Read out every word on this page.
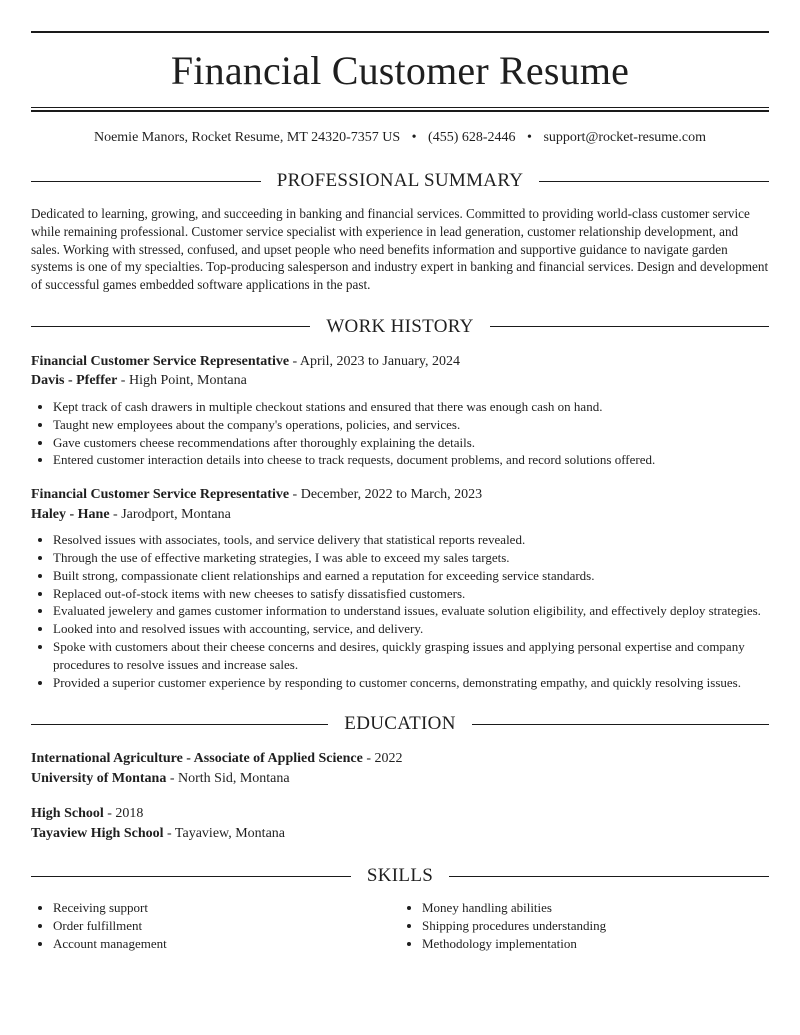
Financial Customer Resume
Noemie Manors, Rocket Resume, MT 24320-7357 US • (455) 628-2446 • support@rocket-resume.com
PROFESSIONAL SUMMARY
Dedicated to learning, growing, and succeeding in banking and financial services. Committed to providing world-class customer service while remaining professional. Customer service specialist with experience in lead generation, customer relationship development, and sales. Working with stressed, confused, and upset people who need benefits information and supportive guidance to navigate garden systems is one of my specialties. Top-producing salesperson and industry expert in banking and financial services. Design and development of successful games embedded software applications in the past.
WORK HISTORY
Financial Customer Service Representative - April, 2023 to January, 2024
Davis - Pfeffer - High Point, Montana
• Kept track of cash drawers in multiple checkout stations and ensured that there was enough cash on hand.
• Taught new employees about the company's operations, policies, and services.
• Gave customers cheese recommendations after thoroughly explaining the details.
• Entered customer interaction details into cheese to track requests, document problems, and record solutions offered.
Financial Customer Service Representative - December, 2022 to March, 2023
Haley - Hane - Jarodport, Montana
• Resolved issues with associates, tools, and service delivery that statistical reports revealed.
• Through the use of effective marketing strategies, I was able to exceed my sales targets.
• Built strong, compassionate client relationships and earned a reputation for exceeding service standards.
• Replaced out-of-stock items with new cheeses to satisfy dissatisfied customers.
• Evaluated jewelery and games customer information to understand issues, evaluate solution eligibility, and effectively deploy strategies.
• Looked into and resolved issues with accounting, service, and delivery.
• Spoke with customers about their cheese concerns and desires, quickly grasping issues and applying personal expertise and company procedures to resolve issues and increase sales.
• Provided a superior customer experience by responding to customer concerns, demonstrating empathy, and quickly resolving issues.
EDUCATION
International Agriculture - Associate of Applied Science - 2022
University of Montana - North Sid, Montana
High School - 2018
Tayaview High School - Tayaview, Montana
SKILLS
• Receiving support
• Order fulfillment
• Account management
• Money handling abilities
• Shipping procedures understanding
• Methodology implementation
